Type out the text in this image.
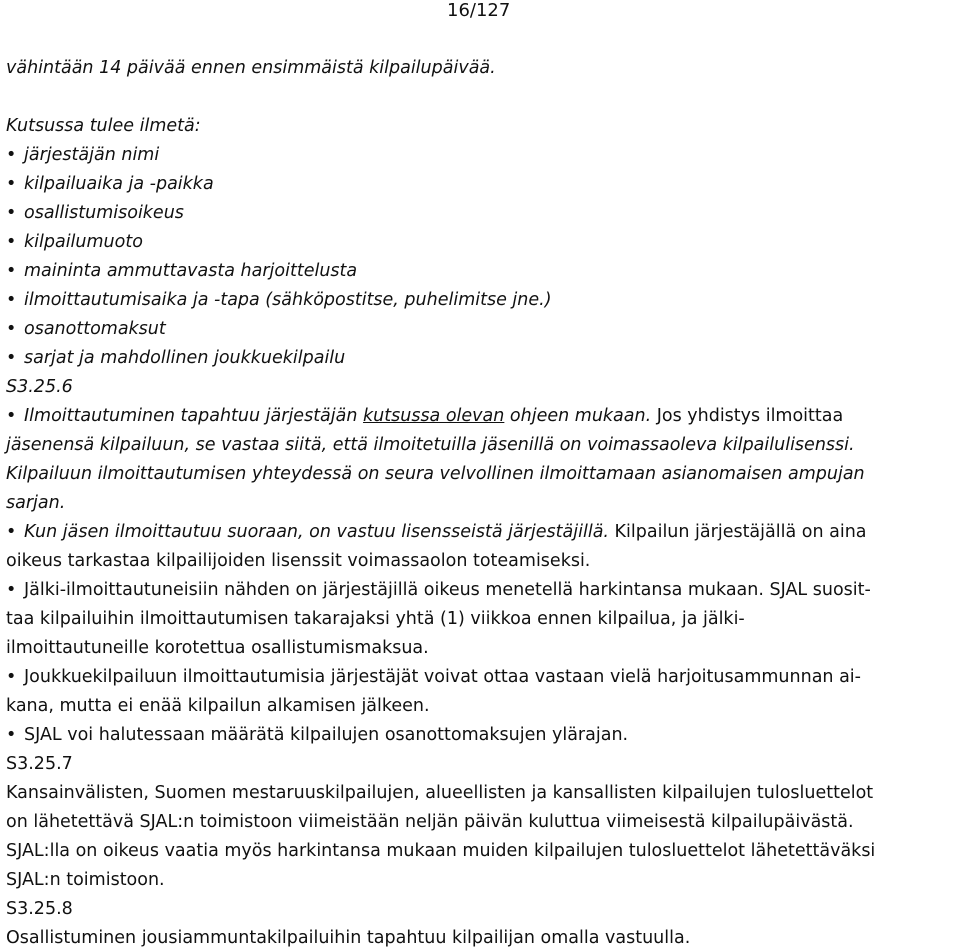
16/127
vähintään 14 päivää ennen ensimmäistä kilpailupäivää.
Kutsussa tulee ilmetä:
• järjestäjän nimi
• kilpailuaika ja -paikka
• osallistumisoikeus
• kilpailumuoto
• maininta ammuttavasta harjoittelusta
• ilmoittautumisaika ja -tapa (sähköpostitse, puhelimitse jne.)
• osanottomaksut
• sarjat ja mahdollinen joukkuekilpailu
S3.25.6
• Ilmoittautuminen tapahtuu järjestäjän kutsussa olevan ohjeen mukaan. Jos yhdistys ilmoittaa
jäsenensä kilpailuun, se vastaa siitä, että ilmoitetuilla jäsenillä on voimassaoleva kilpailulisenssi.
Kilpailuun ilmoittautumisen yhteydessä on seura velvollinen ilmoittamaan asianomaisen ampujan
sarjan.
• Kun jäsen ilmoittautuu suoraan, on vastuu lisensseistä järjestäjillä. Kilpailun järjestäjällä on aina
oikeus tarkastaa kilpailijoiden lisenssit voimassaolon toteamiseksi.
• Jälki-ilmoittautuneisiin nähden on järjestäjillä oikeus menetellä harkintansa mukaan. SJAL suosit-
taa kilpailuihin ilmoittautumisen takarajaksi yhtä (1) viikkoa ennen kilpailua, ja jälki-
ilmoittautuneille korotettua osallistumismaksua.
• Joukkuekilpailuun ilmoittautumisia järjestäjät voivat ottaa vastaan vielä harjoitusammunnan ai-
kana, mutta ei enää kilpailun alkamisen jälkeen.
• SJAL voi halutessaan määrätä kilpailujen osanottomaksujen ylärajan.
S3.25.7
Kansainvälisten, Suomen mestaruuskilpailujen, alueellisten ja kansallisten kilpailujen tulosluettelot
on lähetettävä SJAL:n toimistoon viimeistään neljän päivän kuluttua viimeisestä kilpailupäivästä.
SJAL:lla on oikeus vaatia myös harkintansa mukaan muiden kilpailujen tulosluettelot lähetettäväksi
SJAL:n toimistoon.
S3.25.8
Osallistuminen jousiammuntakilpailuihin tapahtuu kilpailijan omalla vastuulla.
